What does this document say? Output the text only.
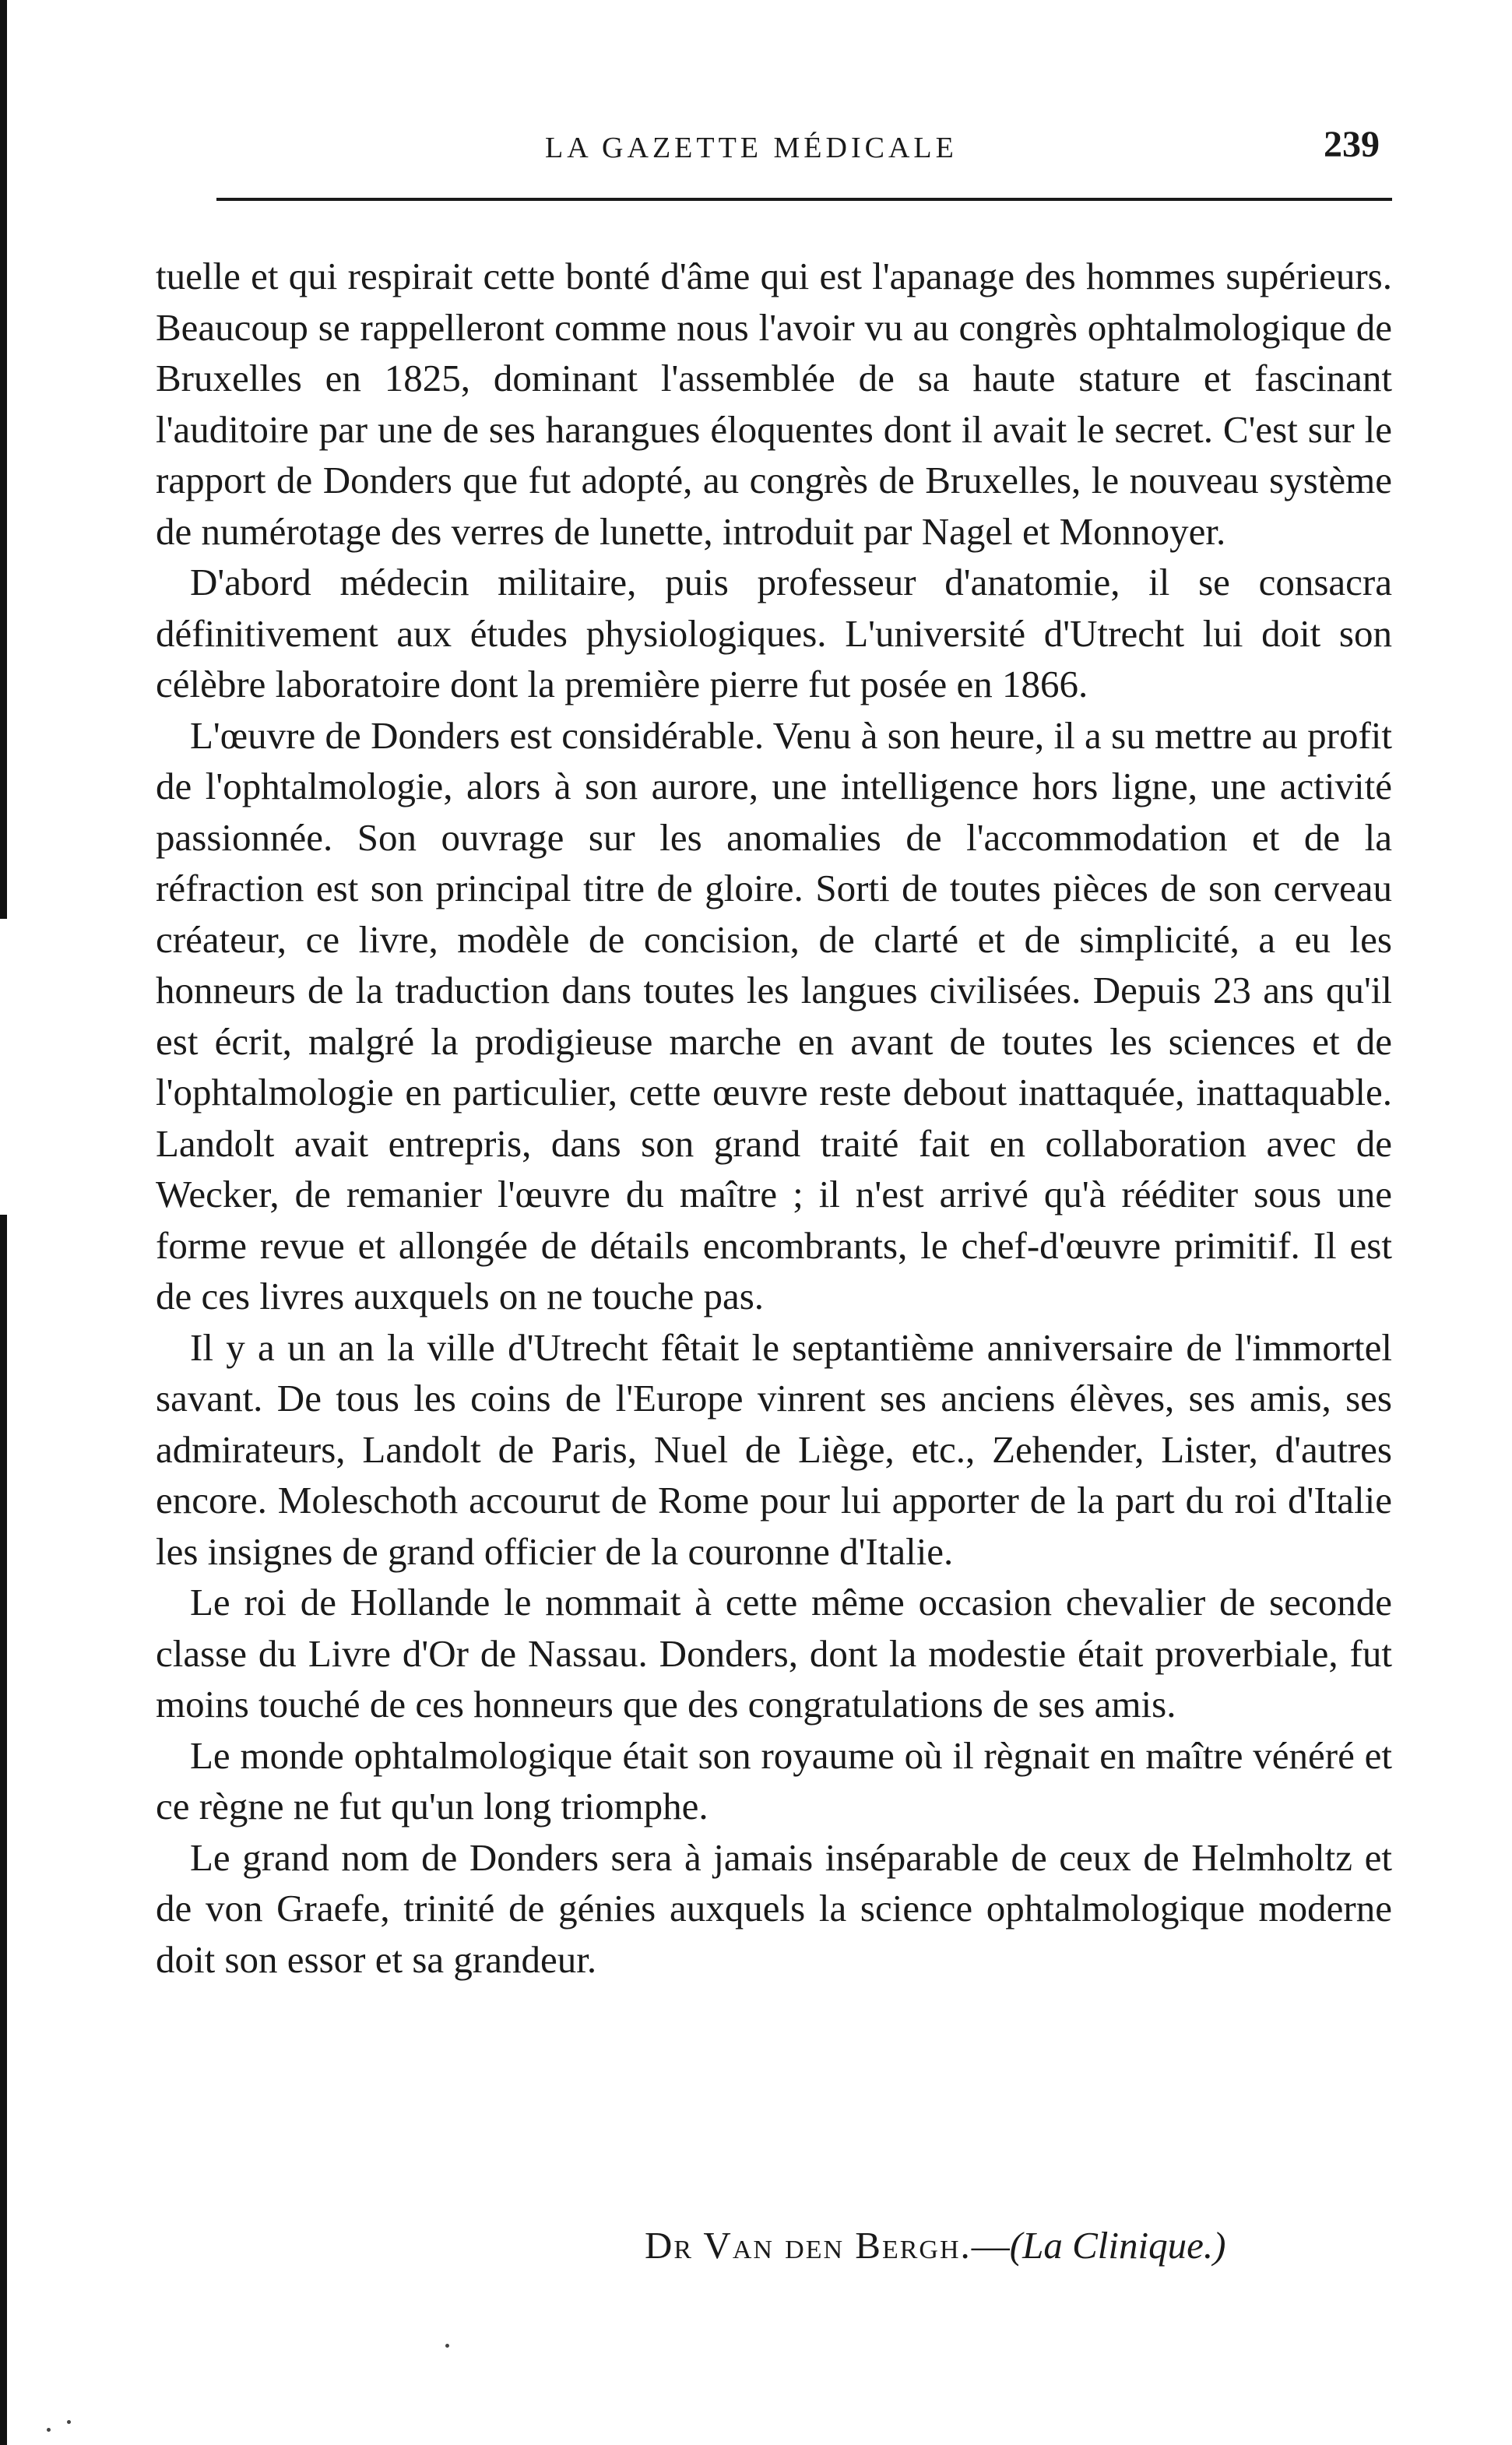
LA GAZETTE MÉDICALE	239

tuelle et qui respirait cette bonté d'âme qui est l'apanage des hommes supérieurs. Beaucoup se rappelleront comme nous l'avoir vu au congrès ophtalmologique de Bruxelles en 1825, dominant l'assemblée de sa haute stature et fascinant l'auditoire par une de ses harangues éloquentes dont il avait le secret. C'est sur le rapport de Donders que fut adopté, au congrès de Bruxelles, le nouveau système de numérotage des verres de lunette, introduit par Nagel et Monnoyer.

D'abord médecin militaire, puis professeur d'anatomie, il se consacra définitivement aux études physiologiques. L'université d'Utrecht lui doit son célèbre laboratoire dont la première pierre fut posée en 1866.

L'œuvre de Donders est considérable. Venu à son heure, il a su mettre au profit de l'ophtalmologie, alors à son aurore, une intelligence hors ligne, une activité passionnée. Son ouvrage sur les anomalies de l'accommodation et de la réfraction est son principal titre de gloire. Sorti de toutes pièces de son cerveau créateur, ce livre, modèle de concision, de clarté et de simplicité, a eu les honneurs de la traduction dans toutes les langues civilisées. Depuis 23 ans qu'il est écrit, malgré la prodigieuse marche en avant de toutes les sciences et de l'ophtalmologie en particulier, cette œuvre reste debout inattaquée, inattaquable. Landolt avait entrepris, dans son grand traité fait en collaboration avec de Wecker, de remanier l'œuvre du maître ; il n'est arrivé qu'à rééditer sous une forme revue et allongée de détails encombrants, le chef-d'œuvre primitif. Il est de ces livres auxquels on ne touche pas.

Il y a un an la ville d'Utrecht fêtait le septantième anniversaire de l'immortel savant. De tous les coins de l'Europe vinrent ses anciens élèves, ses amis, ses admirateurs, Landolt de Paris, Nuel de Liège, etc., Zehender, Lister, d'autres encore. Moleschoth accourut de Rome pour lui apporter de la part du roi d'Italie les insignes de grand officier de la couronne d'Italie.

Le roi de Hollande le nommait à cette même occasion chevalier de seconde classe du Livre d'Or de Nassau. Donders, dont la modestie était proverbiale, fut moins touché de ces honneurs que des congratulations de ses amis.

Le monde ophtalmologique était son royaume où il règnait en maître vénéré et ce règne ne fut qu'un long triomphe.

Le grand nom de Donders sera à jamais inséparable de ceux de Helmholtz et de von Graefe, trinité de génies auxquels la science ophtalmologique moderne doit son essor et sa grandeur.

Dr Van den Bergh.—(La Clinique.)
